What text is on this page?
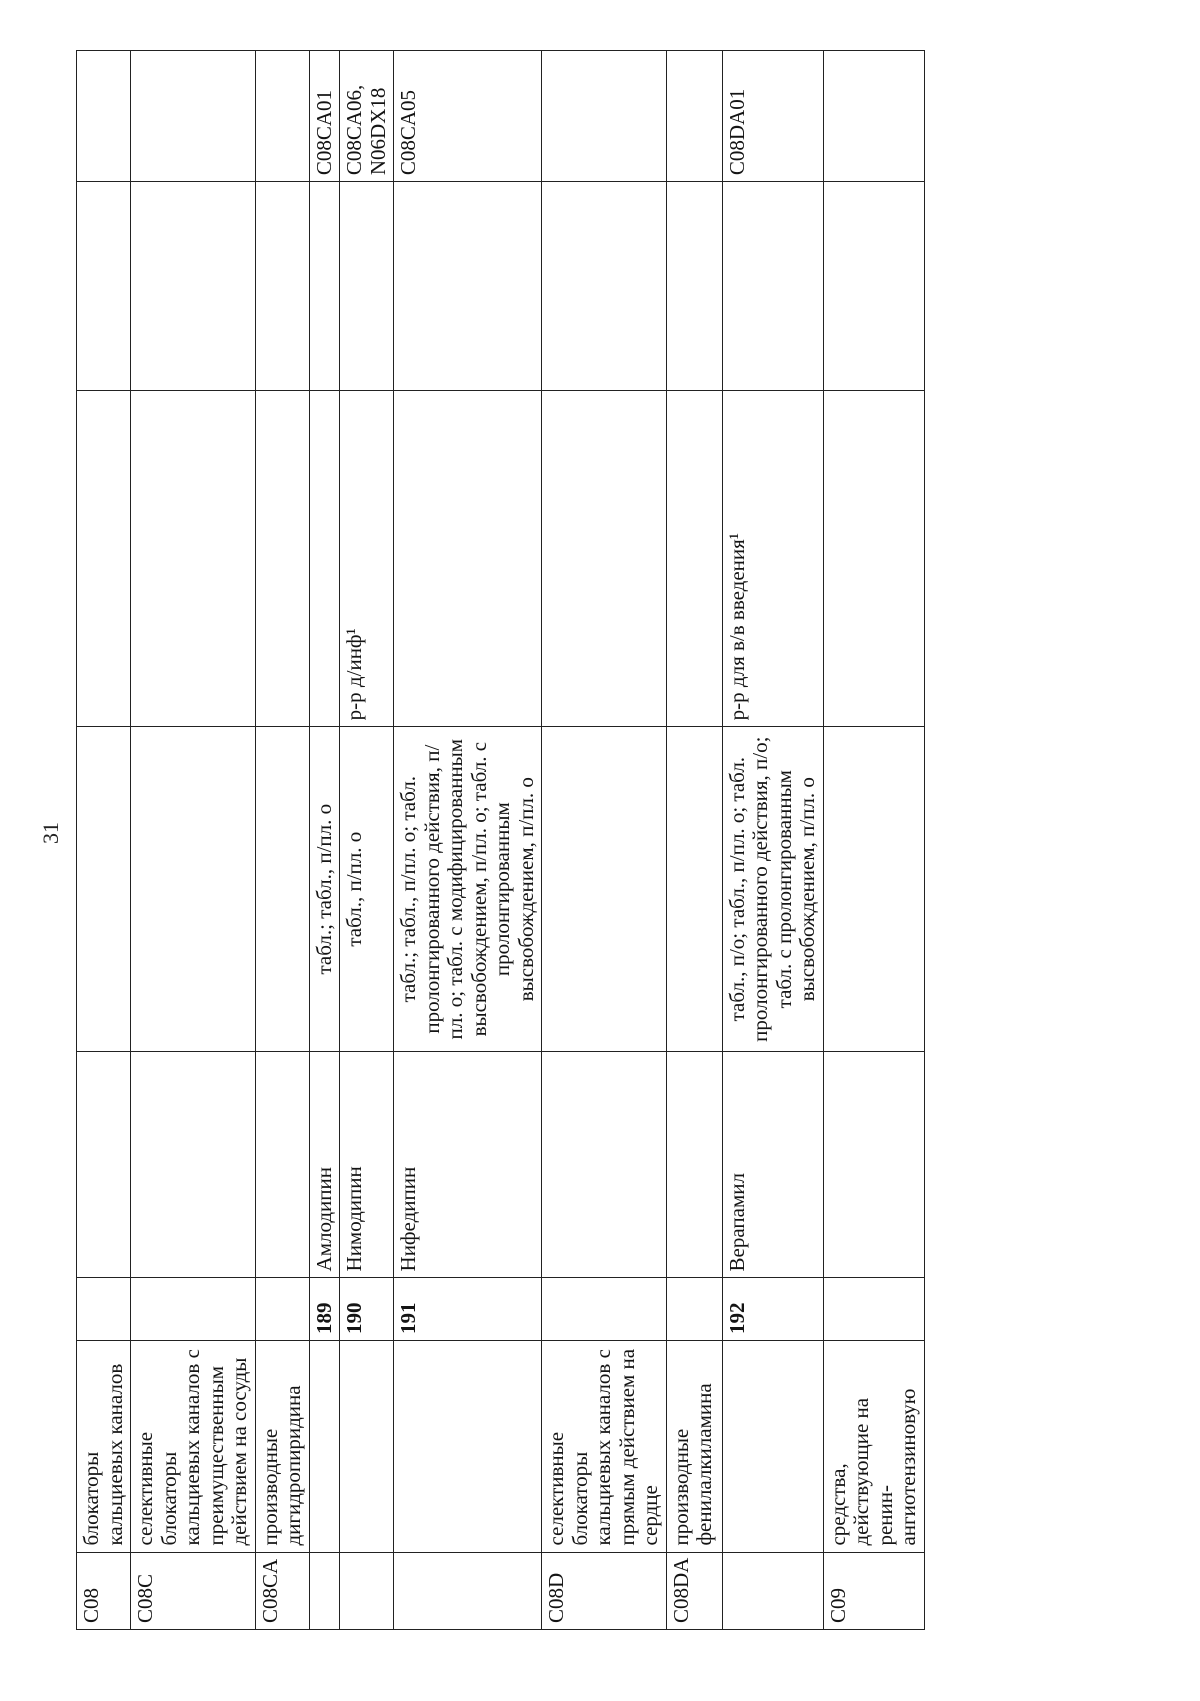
31
C08	блокаторы кальциевых каналов						
C08C	селективные блокаторы кальциевых каналов с преимущественным действием на сосуды						
C08CA	производные дигидропиридина						
		189	Амлодипин	табл.; табл., п/пл. о			C08CA01
		190	Нимодипин	табл., п/пл. о	р-р д/инф¹		C08CA06, N06DX18
		191	Нифедипин	табл.; табл., п/пл. о; табл. пролонгированного действия, п/пл. о; табл. с модифицированным высвобождением, п/пл. о; табл. с пролонгированным высвобождением, п/пл. о			C08CA05
C08D	селективные блокаторы кальциевых каналов с прямым действием на сердце						
C08DA	производные фенилалкиламина						
		192	Верапамил	табл., п/о; табл., п/пл. о; табл. пролонгированного действия, п/о; табл. с пролонгированным высвобождением, п/пл. о	р-р для в/в введения¹		C08DA01
C09	средства, действующие на ренин-ангиотензиновую						
